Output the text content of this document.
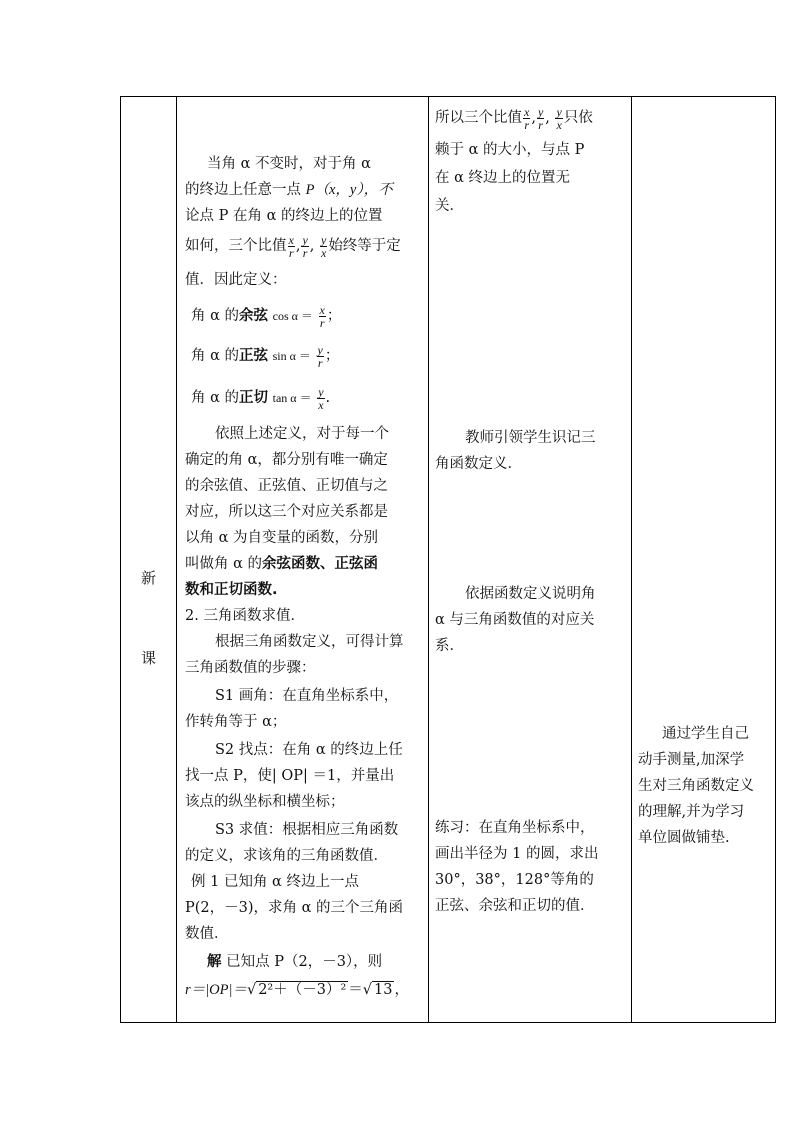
新
课
当角 α 不变时，对于角 α
的终边上任意一点 P（x，y），不
论点 P 在角 α 的终边上的位置
如何，三个比值 $\frac{x}{r}$ , $\frac{y}{r}$ , $\frac{y}{x}$ 始终等于定
值．因此定义：
角 α 的余弦 $\cos \alpha = \frac{x}{r}$ ；
角 α 的正弦 $\sin \alpha = \frac{y}{r}$ ；
角 α 的正切 $\tan \alpha = \frac{y}{x}$ .
依照上述定义，对于每一个
确定的角 α，都分别有唯一确定
的余弦值、正弦值、正切值与之
对应，所以这三个对应关系都是
以角 α 为自变量的函数，分别
叫做角 α 的余弦函数、正弦函
数和正切函数.
2. 三角函数求值．
根据三角函数定义，可得计算
三角函数值的步骤：
S1 画角：在直角坐标系中，
作转角等于 α；
S2 找点：在角 α 的终边上任
找一点 P，使| OP| ＝1，并量出
该点的纵坐标和横坐标；
S3 求值：根据相应三角函数
的定义，求该角的三角函数值．
例 1 已知角 α 终边上一点
P(2，－3)，求角 α 的三个三角函
数值．
解 已知点 P（2，－3），则
r＝|OP|＝√ 2²＋（－3）² ＝√ 13 ，
所以三个比值 $\frac{x}{r}$ , $\frac{y}{r}$ , $\frac{y}{x}$ 只依
赖于 α 的大小，与点 P
在 α 终边上的位置无
关．
教师引领学生识记三
角函数定义．
依据函数定义说明角
α 与三角函数值的对应关
系．
练习：在直角坐标系中，
画出半径为 1 的圆，求出
30°，38°，128°等角的
正弦、余弦和正切的值．
通过学生自己
动手测量,加深学
生对三角函数定义
的理解,并为学习
单位圆做铺垫.
